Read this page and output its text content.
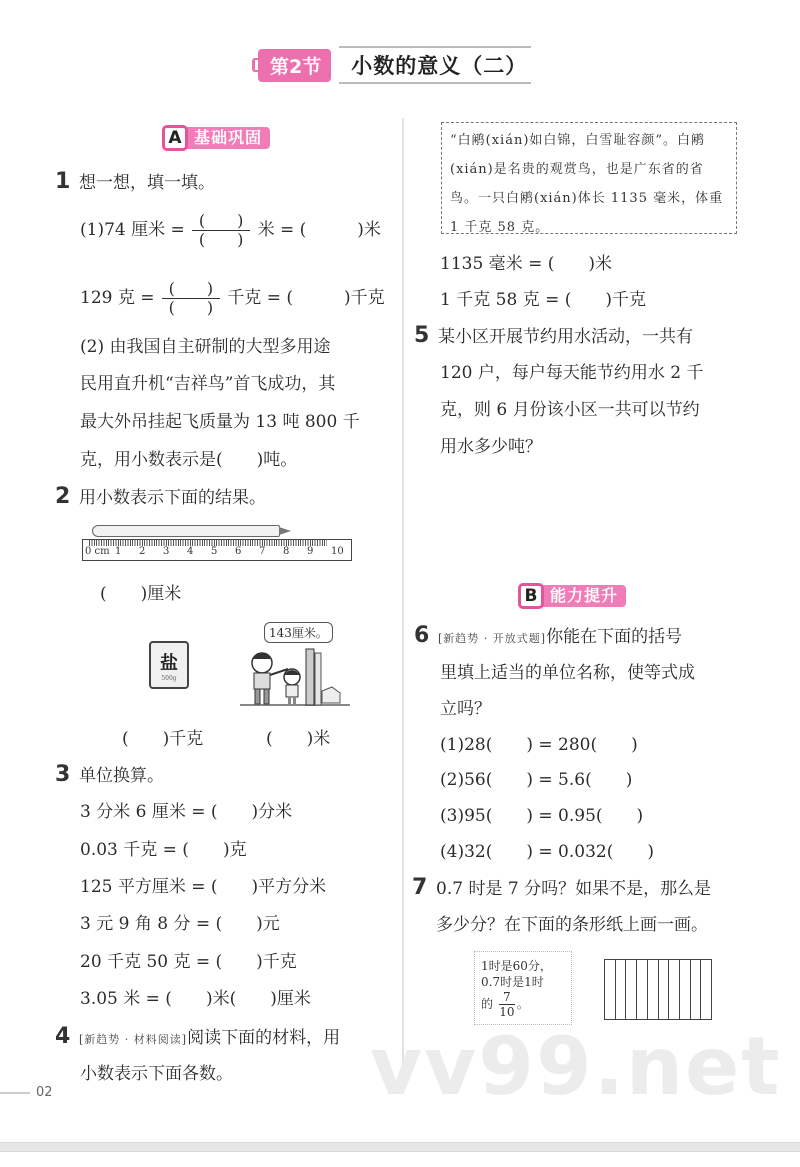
第2节	小数的意义（二）
A 基础巩固
1 想一想，填一填。
(1)74 厘米 = $\frac{( )}{( )}$ 米 = (　　　)米
129 克 = $\frac{( )}{( )}$ 千克 = (　　　)千克
(2) 由我国自主研制的大型多用途
民用直升机“吉祥鸟”首飞成功，其
最大外吊挂起飞质量为 13 吨 800 千
克，用小数表示是(　　)吨。
2 用小数表示下面的结果。
0 cm 1	2	3	4	5	6	7	8	9	10
(　　)厘米
盐
500g
143厘米。
(　　)千克	(　　)米
3 单位换算。
3 分米 6 厘米 = (　　)分米
0.03 千克 = (　　)克
125 平方厘米 = (　　)平方分米
3 元 9 角 8 分 = (　　)元
20 千克 50 克 = (　　)千克
3.05 米 = (　　)米(　　)厘米
4 [新趋势 · 材料阅读]阅读下面的材料，用
小数表示下面各数。
“白鹇(xián)如白锦，白雪耻容颜”。白鹇
(xián)是名贵的观赏鸟，也是广东省的省
鸟。一只白鹇(xián)体长 1135 毫米，体重
1 千克 58 克。
1135 毫米 = (　　)米
1 千克 58 克 = (　　)千克
5 某小区开展节约用水活动，一共有
120 户，每户每天能节约用水 2 千
克，则 6 月份该小区一共可以节约
用水多少吨？
B 能力提升
6 [新趋势 · 开放式题]你能在下面的括号
里填上适当的单位名称，使等式成
立吗？
(1)28(　　) = 280(　　)
(2)56(　　) = 5.6(　　)
(3)95(　　) = 0.95(　　)
(4)32(　　) = 0.032(　　)
7 0.7 时是 7 分吗？如果不是，那么是
多少分？在下面的条形纸上画一画。
1时是60分，
0.7时是1时
的 $\frac{7}{10}$ 。
vv99.net
02
